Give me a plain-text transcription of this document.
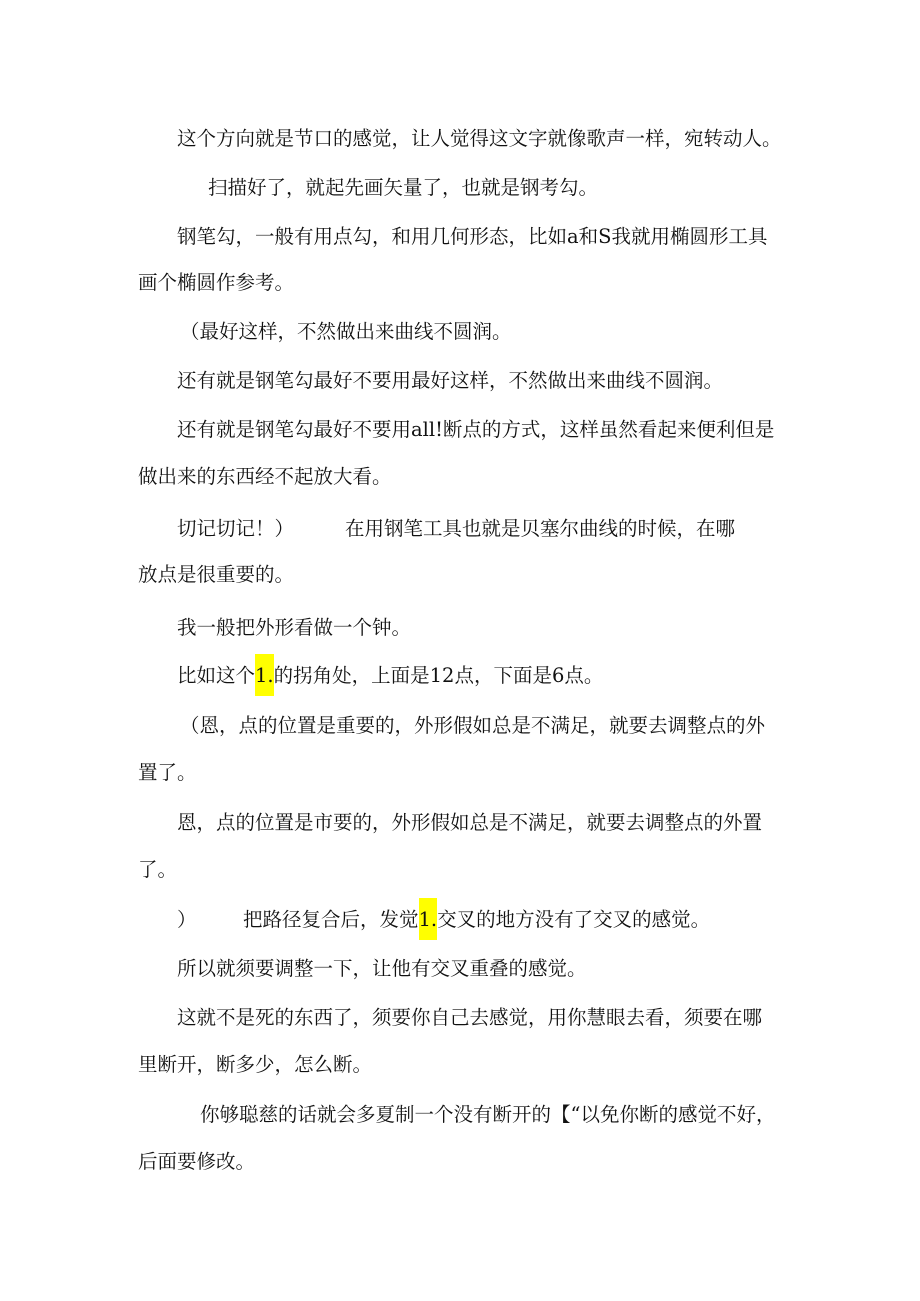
这个方向就是节口的感觉，让人觉得这文字就像歌声一样，宛转动人。
扫描好了，就起先画矢量了，也就是钢考勾。
钢笔勾，一般有用点勾，和用几何形态，比如a和S我就用椭圆形工具
画个椭圆作参考。
（最好这样，不然做出来曲线不圆润。
还有就是钢笔勾最好不要用最好这样，不然做出来曲线不圆润。
还有就是钢笔勾最好不要用all!断点的方式，这样虽然看起来便利但是
做出来的东西经不起放大看。
切记切记！）	在用钢笔工具也就是贝塞尔曲线的时候，在哪
放点是很重要的。
我一般把外形看做一个钟。
比如这个1.的拐角处，上面是12点，下面是6点。
（恩，点的位置是重要的，外形假如总是不满足，就要去调整点的外
置了。
恩，点的位置是市要的，外形假如总是不满足，就要去调整点的外置
了。
） 把路径复合后，发觉1.交叉的地方没有了交叉的感觉。
所以就须要调整一下，让他有交叉重叠的感觉。
这就不是死的东西了，须要你自己去感觉，用你慧眼去看，须要在哪
里断开，断多少，怎么断。
你够聪慈的话就会多夏制一个没有断开的【“以免你断的感觉不好，
后面要修改。
